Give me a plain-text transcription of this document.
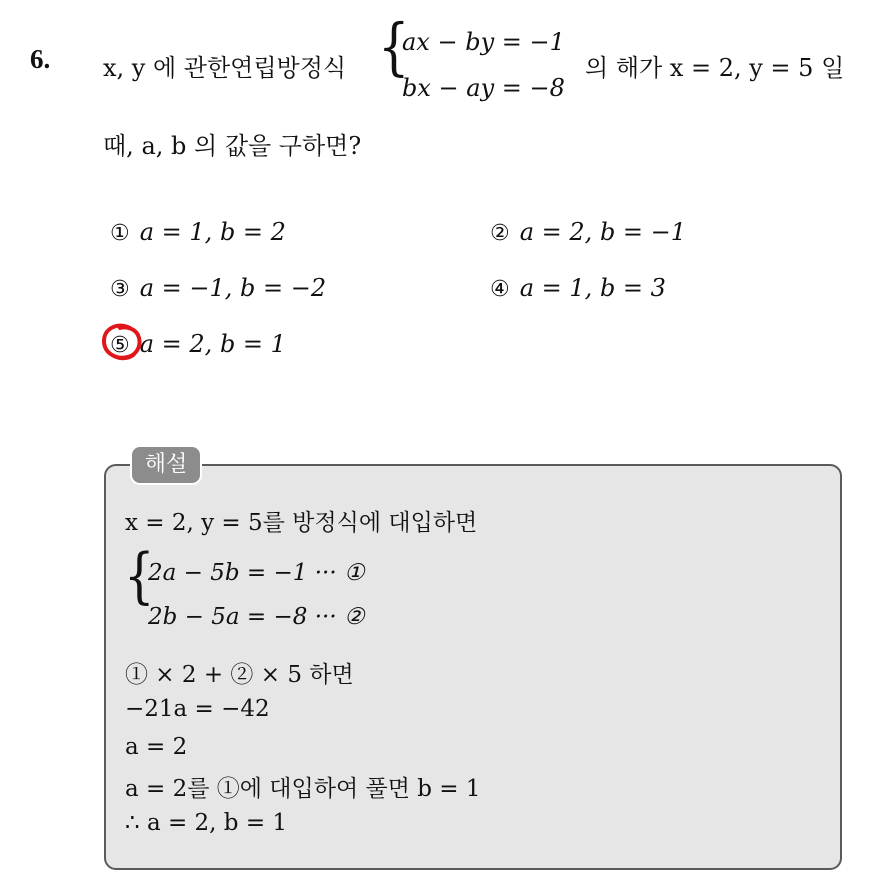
6. x, y 에 관한연립방정식 {
ax − by = −1
bx − ay = −8
의 해가 x = 2, y = 5 일
때, a, b 의 값을 구하면?
① a = 1, b = 2	② a = 2, b = −1
③ a = −1, b = −2	④ a = 1, b = 3
⑤ a = 2, b = 1
해설
x = 2, y = 5를 방정식에 대입하면
{
2a − 5b = −1 ··· ①
2b − 5a = −8 ··· ②
① × 2 + ② × 5 하면
−21a = −42
a = 2
a = 2를 ①에 대입하여 풀면 b = 1
∴ a = 2, b = 1
